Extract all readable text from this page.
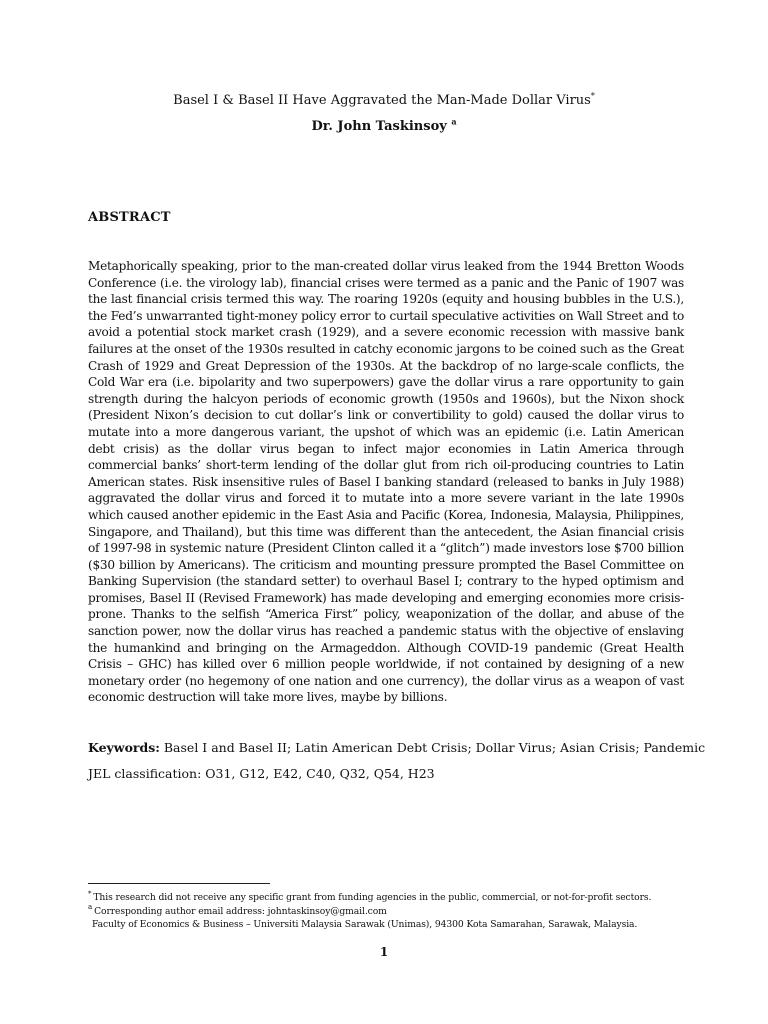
Basel I & Basel II Have Aggravated the Man-Made Dollar Virus*
Dr. John Taskinsoy $^a$
ABSTRACT
Metaphorically speaking, prior to the man-created dollar virus leaked from the 1944 Bretton Woods Conference (i.e. the virology lab), financial crises were termed as a panic and the Panic of 1907 was the last financial crisis termed this way. The roaring 1920s (equity and housing bubbles in the U.S.), the Fed’s unwarranted tight-money policy error to curtail speculative activities on Wall Street and to avoid a potential stock market crash (1929), and a severe economic recession with massive bank failures at the onset of the 1930s resulted in catchy economic jargons to be coined such as the Great Crash of 1929 and Great Depression of the 1930s. At the backdrop of no large-scale conflicts, the Cold War era (i.e. bipolarity and two superpowers) gave the dollar virus a rare opportunity to gain strength during the halcyon periods of economic growth (1950s and 1960s), but the Nixon shock (President Nixon’s decision to cut dollar’s link or convertibility to gold) caused the dollar virus to mutate into a more dangerous variant, the upshot of which was an epidemic (i.e. Latin American debt crisis) as the dollar virus began to infect major economies in Latin America through commercial banks’ short-term lending of the dollar glut from rich oil-producing countries to Latin American states. Risk insensitive rules of Basel I banking standard (released to banks in July 1988) aggravated the dollar virus and forced it to mutate into a more severe variant in the late 1990s which caused another epidemic in the East Asia and Pacific (Korea, Indonesia, Malaysia, Philippines, Singapore, and Thailand), but this time was different than the antecedent, the Asian financial crisis of 1997-98 in systemic nature (President Clinton called it a “glitch”) made investors lose $700 billion ($30 billion by Americans). The criticism and mounting pressure prompted the Basel Committee on Banking Supervision (the standard setter) to overhaul Basel I; contrary to the hyped optimism and promises, Basel II (Revised Framework) has made developing and emerging economies more crisis-prone. Thanks to the selfish “America First” policy, weaponization of the dollar, and abuse of the sanction power, now the dollar virus has reached a pandemic status with the objective of enslaving the humankind and bringing on the Armageddon. Although COVID-19 pandemic (Great Health Crisis – GHC) has killed over 6 million people worldwide, if not contained by designing of a new monetary order (no hegemony of one nation and one currency), the dollar virus as a weapon of vast economic destruction will take more lives, maybe by billions.
Keywords: Basel I and Basel II; Latin American Debt Crisis; Dollar Virus; Asian Crisis; Pandemic
JEL classification: O31, G12, E42, C40, Q32, Q54, H23
* This research did not receive any specific grant from funding agencies in the public, commercial, or not-for-profit sectors.
$^a$ Corresponding author email address: johntaskinsoy@gmail.com
Faculty of Economics & Business – Universiti Malaysia Sarawak (Unimas), 94300 Kota Samarahan, Sarawak, Malaysia.
1
